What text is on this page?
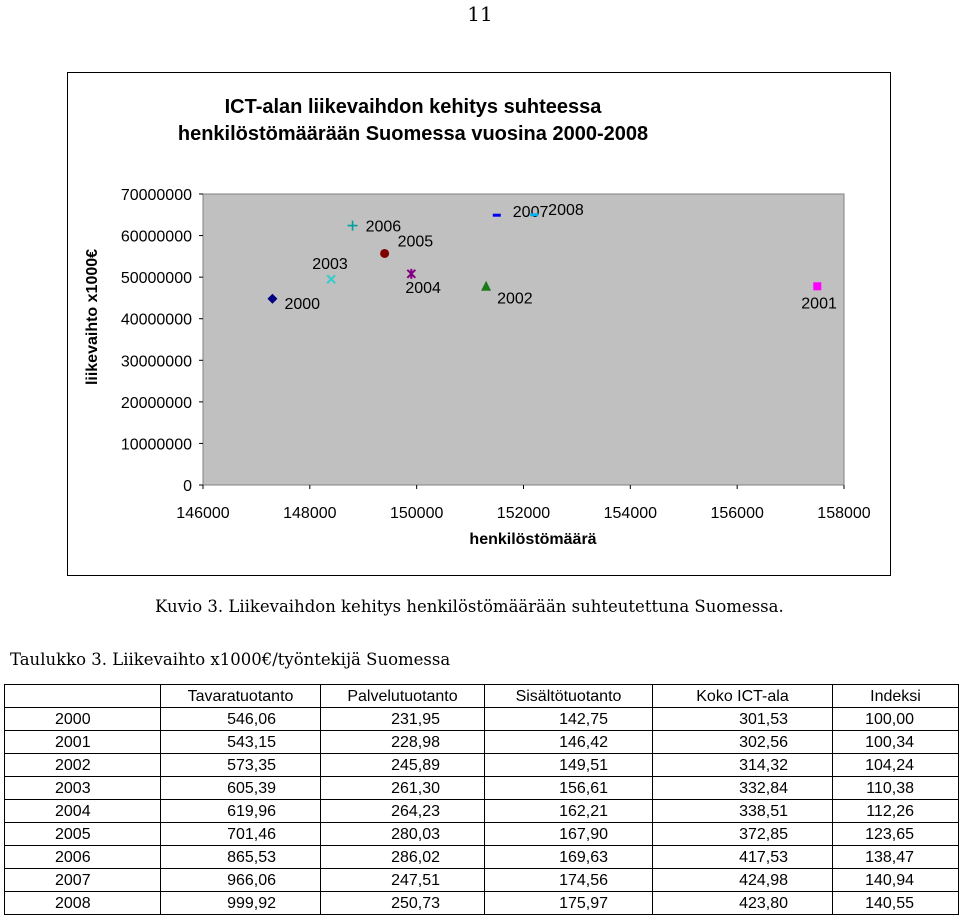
11
ICT-alan liikevaihdon kehitys suhteessa
henkilöstömäärään Suomessa vuosina 2000-2008
0
10000000
20000000
30000000
40000000
50000000
60000000
70000000
146000	148000	150000	152000	154000	156000	158000
henkilöstömäärä
liikevaihto x1000€	2000	2001
2002
2003
2004
2005
2006
2007 2008
Kuvio 3. Liikevaihdon kehitys henkilöstömäärään suhteutettuna Suomessa.
Taulukko 3. Liikevaihto x1000€/työntekijä Suomessa
	Tavaratuotanto	Palvelutuotanto	Sisältötuotanto	Koko ICT-ala	Indeksi
2000	546,06	231,95	142,75	301,53	100,00
2001	543,15	228,98	146,42	302,56	100,34
2002	573,35	245,89	149,51	314,32	104,24
2003	605,39	261,30	156,61	332,84	110,38
2004	619,96	264,23	162,21	338,51	112,26
2005	701,46	280,03	167,90	372,85	123,65
2006	865,53	286,02	169,63	417,53	138,47
2007	966,06	247,51	174,56	424,98	140,94
2008	999,92	250,73	175,97	423,80	140,55
